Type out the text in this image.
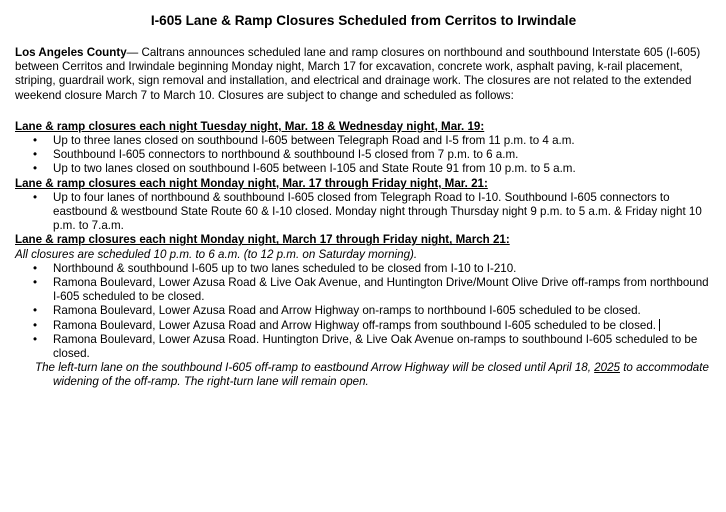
I-605 Lane & Ramp Closures Scheduled from Cerritos to Irwindale

Los Angeles County— Caltrans announces scheduled lane and ramp closures on northbound and southbound Interstate 605 (I-605) between Cerritos and Irwindale beginning Monday night, March 17 for excavation, concrete work, asphalt paving, k-rail placement, striping, guardrail work, sign removal and installation, and electrical and drainage work. The closures are not related to the extended weekend closure March 7 to March 10. Closures are subject to change and scheduled as follows:

Lane & ramp closures each night Tuesday night, Mar. 18 & Wednesday night, Mar. 19:
• Up to three lanes closed on southbound I-605 between Telegraph Road and I-5 from 11 p.m. to 4 a.m.
• Southbound I-605 connectors to northbound & southbound I-5 closed from 7 p.m. to 6 a.m.
• Up to two lanes closed on southbound I-605 between I-105 and State Route 91 from 10 p.m. to 5 a.m.
Lane & ramp closures each night Monday night, Mar. 17 through Friday night, Mar. 21:
• Up to four lanes of northbound & southbound I-605 closed from Telegraph Road to I-10. Southbound I-605 connectors to eastbound & westbound State Route 60 & I-10 closed. Monday night through Thursday night 9 p.m. to 5 a.m. & Friday night 10 p.m. to 7.a.m.
Lane & ramp closures each night Monday night, March 17 through Friday night, March 21:

All closures are scheduled 10 p.m. to 6 a.m. (to 12 p.m. on Saturday morning).

• Northbound & southbound I-605 up to two lanes scheduled to be closed from I-10 to I-210.
• Ramona Boulevard, Lower Azusa Road & Live Oak Avenue, and Huntington Drive/Mount Olive Drive off-ramps from northbound I-605 scheduled to be closed.
• Ramona Boulevard, Lower Azusa Road and Arrow Highway on-ramps to northbound I-605 scheduled to be closed.
• Ramona Boulevard, Lower Azusa Road and Arrow Highway off-ramps from southbound I-605 scheduled to be closed.
• Ramona Boulevard, Lower Azusa Road. Huntington Drive, & Live Oak Avenue on-ramps to southbound I-605 scheduled to be closed.

The left-turn lane on the southbound I-605 off-ramp to eastbound Arrow Highway will be closed until April 18, 2025 to accommodate widening of the off-ramp. The right-turn lane will remain open.
